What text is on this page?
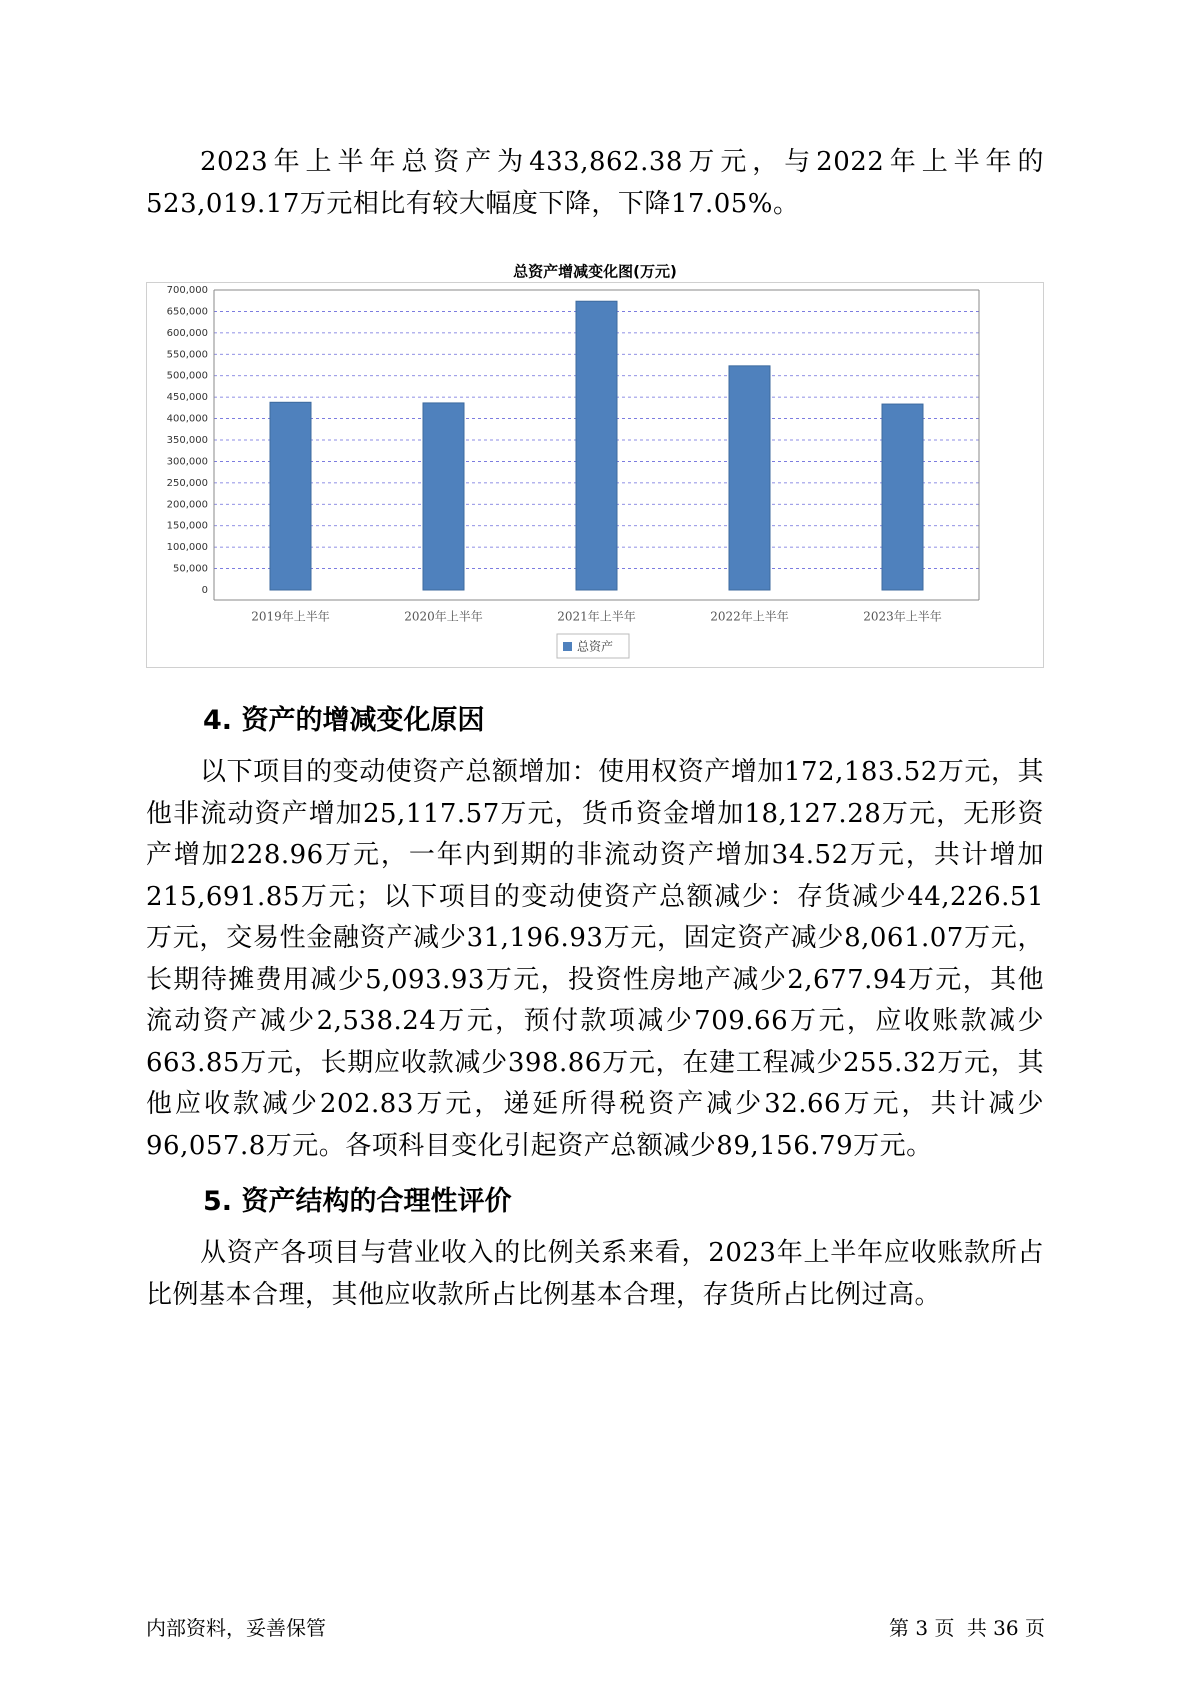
2023年上半年总资产为433,862.38万元，与2022年上半年的523,019.17万元相比有较大幅度下降，下降17.05%。

总资产增减变化图(万元)
0
50,000
100,000
150,000
200,000
250,000
300,000
350,000
400,000
450,000
500,000
550,000
600,000
650,000
700,000
2019年上半年	2020年上半年	2021年上半年	2022年上半年	2023年上半年
总资产
4. 资产的增减变化原因

以下项目的变动使资产总额增加：使用权资产增加172,183.52万元，其他非流动资产增加25,117.57万元，货币资金增加18,127.28万元，无形资产增加228.96万元，一年内到期的非流动资产增加34.52万元，共计增加215,691.85万元；以下项目的变动使资产总额减少：存货减少44,226.51万元，交易性金融资产减少31,196.93万元，固定资产减少8,061.07万元，长期待摊费用减少5,093.93万元，投资性房地产减少2,677.94万元，其他流动资产减少2,538.24万元，预付款项减少709.66万元，应收账款减少663.85万元，长期应收款减少398.86万元，在建工程减少255.32万元，其他应收款减少202.83万元，递延所得税资产减少32.66万元，共计减少96,057.8万元。各项科目变化引起资产总额减少89,156.79万元。

5. 资产结构的合理性评价

从资产各项目与营业收入的比例关系来看，2023年上半年应收账款所占比例基本合理，其他应收款所占比例基本合理，存货所占比例过高。

内部资料，妥善保管	第 3 页 共 36 页
